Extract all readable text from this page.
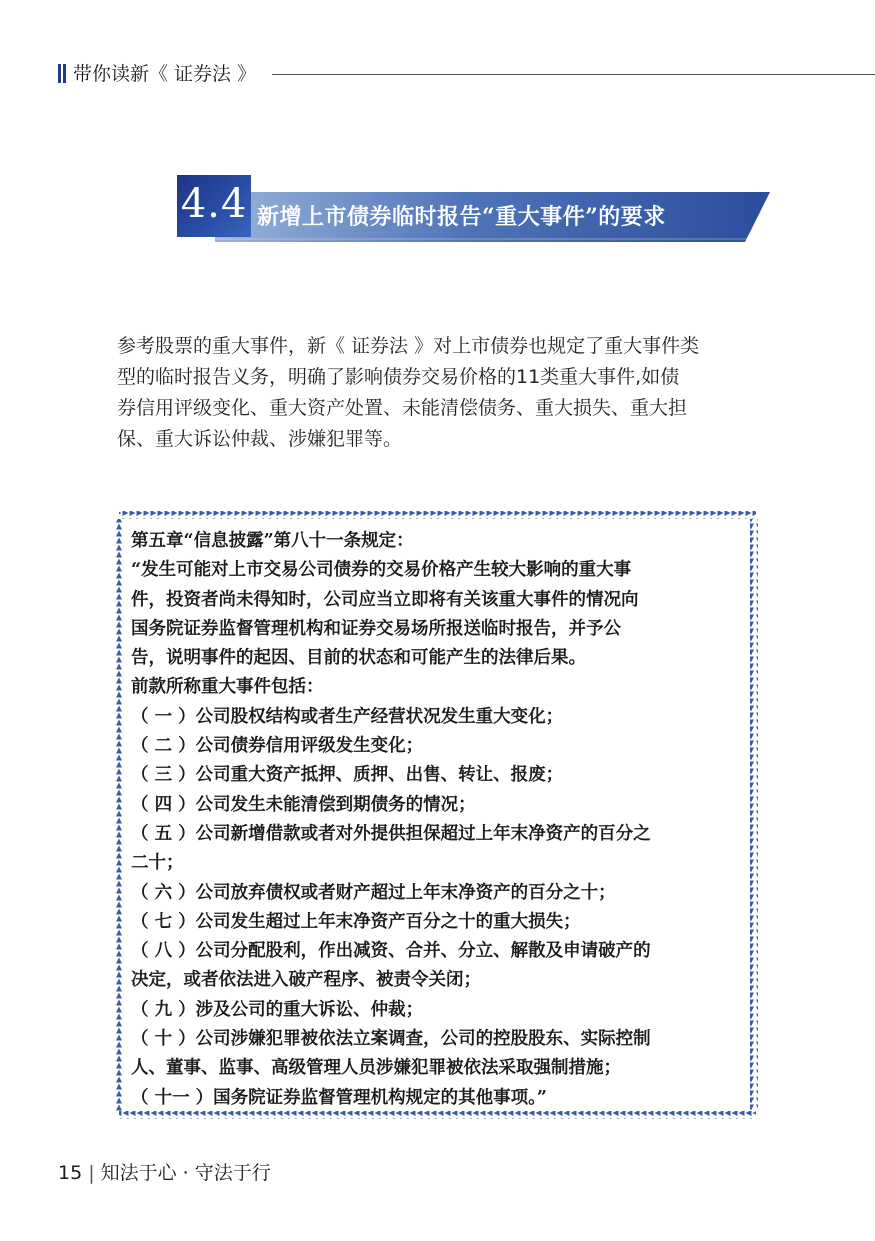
带你读新《 证券法 》
4.4 新增上市债券临时报告“重大事件”的要求
参考股票的重大事件，新《 证券法 》对上市债券也规定了重大事件类
型的临时报告义务，明确了影响债券交易价格的11类重大事件,如债
券信用评级变化、重大资产处置、未能清偿债务、重大损失、重大担
保、重大诉讼仲裁、涉嫌犯罪等。
第五章“信息披露”第八十一条规定：
“发生可能对上市交易公司债券的交易价格产生较大影响的重大事
件，投资者尚未得知时，公司应当立即将有关该重大事件的情况向
国务院证券监督管理机构和证券交易场所报送临时报告，并予公
告，说明事件的起因、目前的状态和可能产生的法律后果。
前款所称重大事件包括：
（ 一 ）公司股权结构或者生产经营状况发生重大变化；
（ 二 ）公司债券信用评级发生变化；
（ 三 ）公司重大资产抵押、质押、出售、转让、报废；
（ 四 ）公司发生未能清偿到期债务的情况；
（ 五 ）公司新增借款或者对外提供担保超过上年末净资产的百分之
二十；
（ 六 ）公司放弃债权或者财产超过上年末净资产的百分之十；
（ 七 ）公司发生超过上年末净资产百分之十的重大损失；
（ 八 ）公司分配股利，作出减资、合并、分立、解散及申请破产的
决定，或者依法进入破产程序、被责令关闭；
（ 九 ）涉及公司的重大诉讼、仲裁；
（ 十 ）公司涉嫌犯罪被依法立案调查，公司的控股股东、实际控制
人、董事、监事、高级管理人员涉嫌犯罪被依法采取强制措施；
（ 十一 ）国务院证券监督管理机构规定的其他事项。”
15 | 知法于心 · 守法于行
